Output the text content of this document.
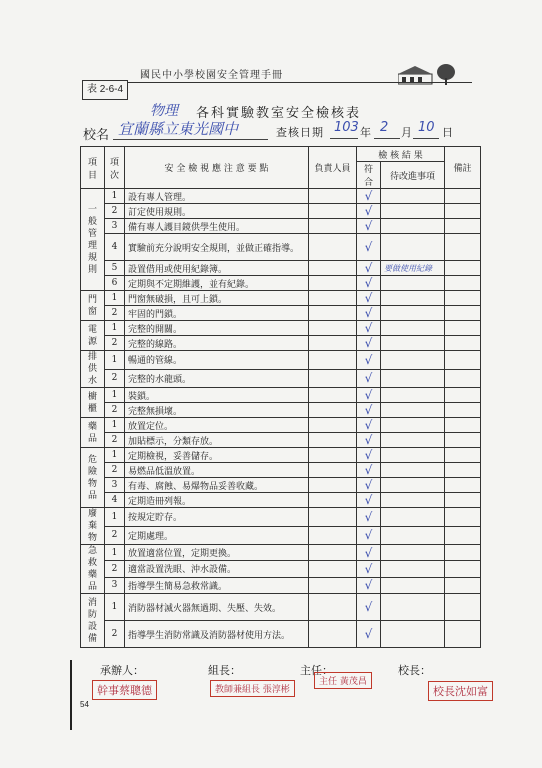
國民中小學校園安全管理手冊
表 2-6-4
物理 各科實驗教室安全檢核表
校名 宜蘭縣立東光國中	查核日期 103 年 2 月 10 日
項目	項次	安 全 檢 視 應 注 意 要 點	負責人員	檢 核 結 果		備註
				符合	待改進事項	

一般管理規則	1	設有專人管理。		√		
	2	訂定使用規則。		√		
	3	備有專人護目鏡供學生使用。		√		
	4	實驗前充分說明安全規則，並做正確指導。		√		
	5	設置借用或使用紀錄簿。		√	要做使用紀錄	
	6	定期與不定期維護，並有紀錄。		√		

門窗	1	門窗無破損，且可上鎖。		√		
	2	牢固的門鎖。		√		

電源	1	完整的開關。		√		
	2	完整的線路。		√		

排供水	1	暢通的管線。		√		
	2	完整的水龍頭。		√		

櫥櫃	1	裝鎖。		√		
	2	完整無損壞。		√		

藥品	1	放置定位。		√		
	2	加貼標示，分類存放。		√		

危險物品	1	定期檢視，妥善儲存。		√		
	2	易燃品低溫放置。		√		
	3	有毒、腐蝕、易爆物品妥善收藏。		√		
	4	定期造冊列報。		√		

廢棄物	1	按規定貯存。		√		
	2	定期處理。		√		

急救藥品	1	放置適當位置，定期更換。		√		
	2	適當設置洗眼、沖水設備。		√		
	3	指導學生簡易急救常識。		√		

消防設備	1	消防器材滅火器無過期、失壓、失效。		√		
	2	指導學生消防常識及消防器材使用方法。		√		
承辦人：	組長：	主任：	校長：
幹事蔡聰德	教師兼組長 張淳彬
主任 黃茂昌
校長沈如富
54
